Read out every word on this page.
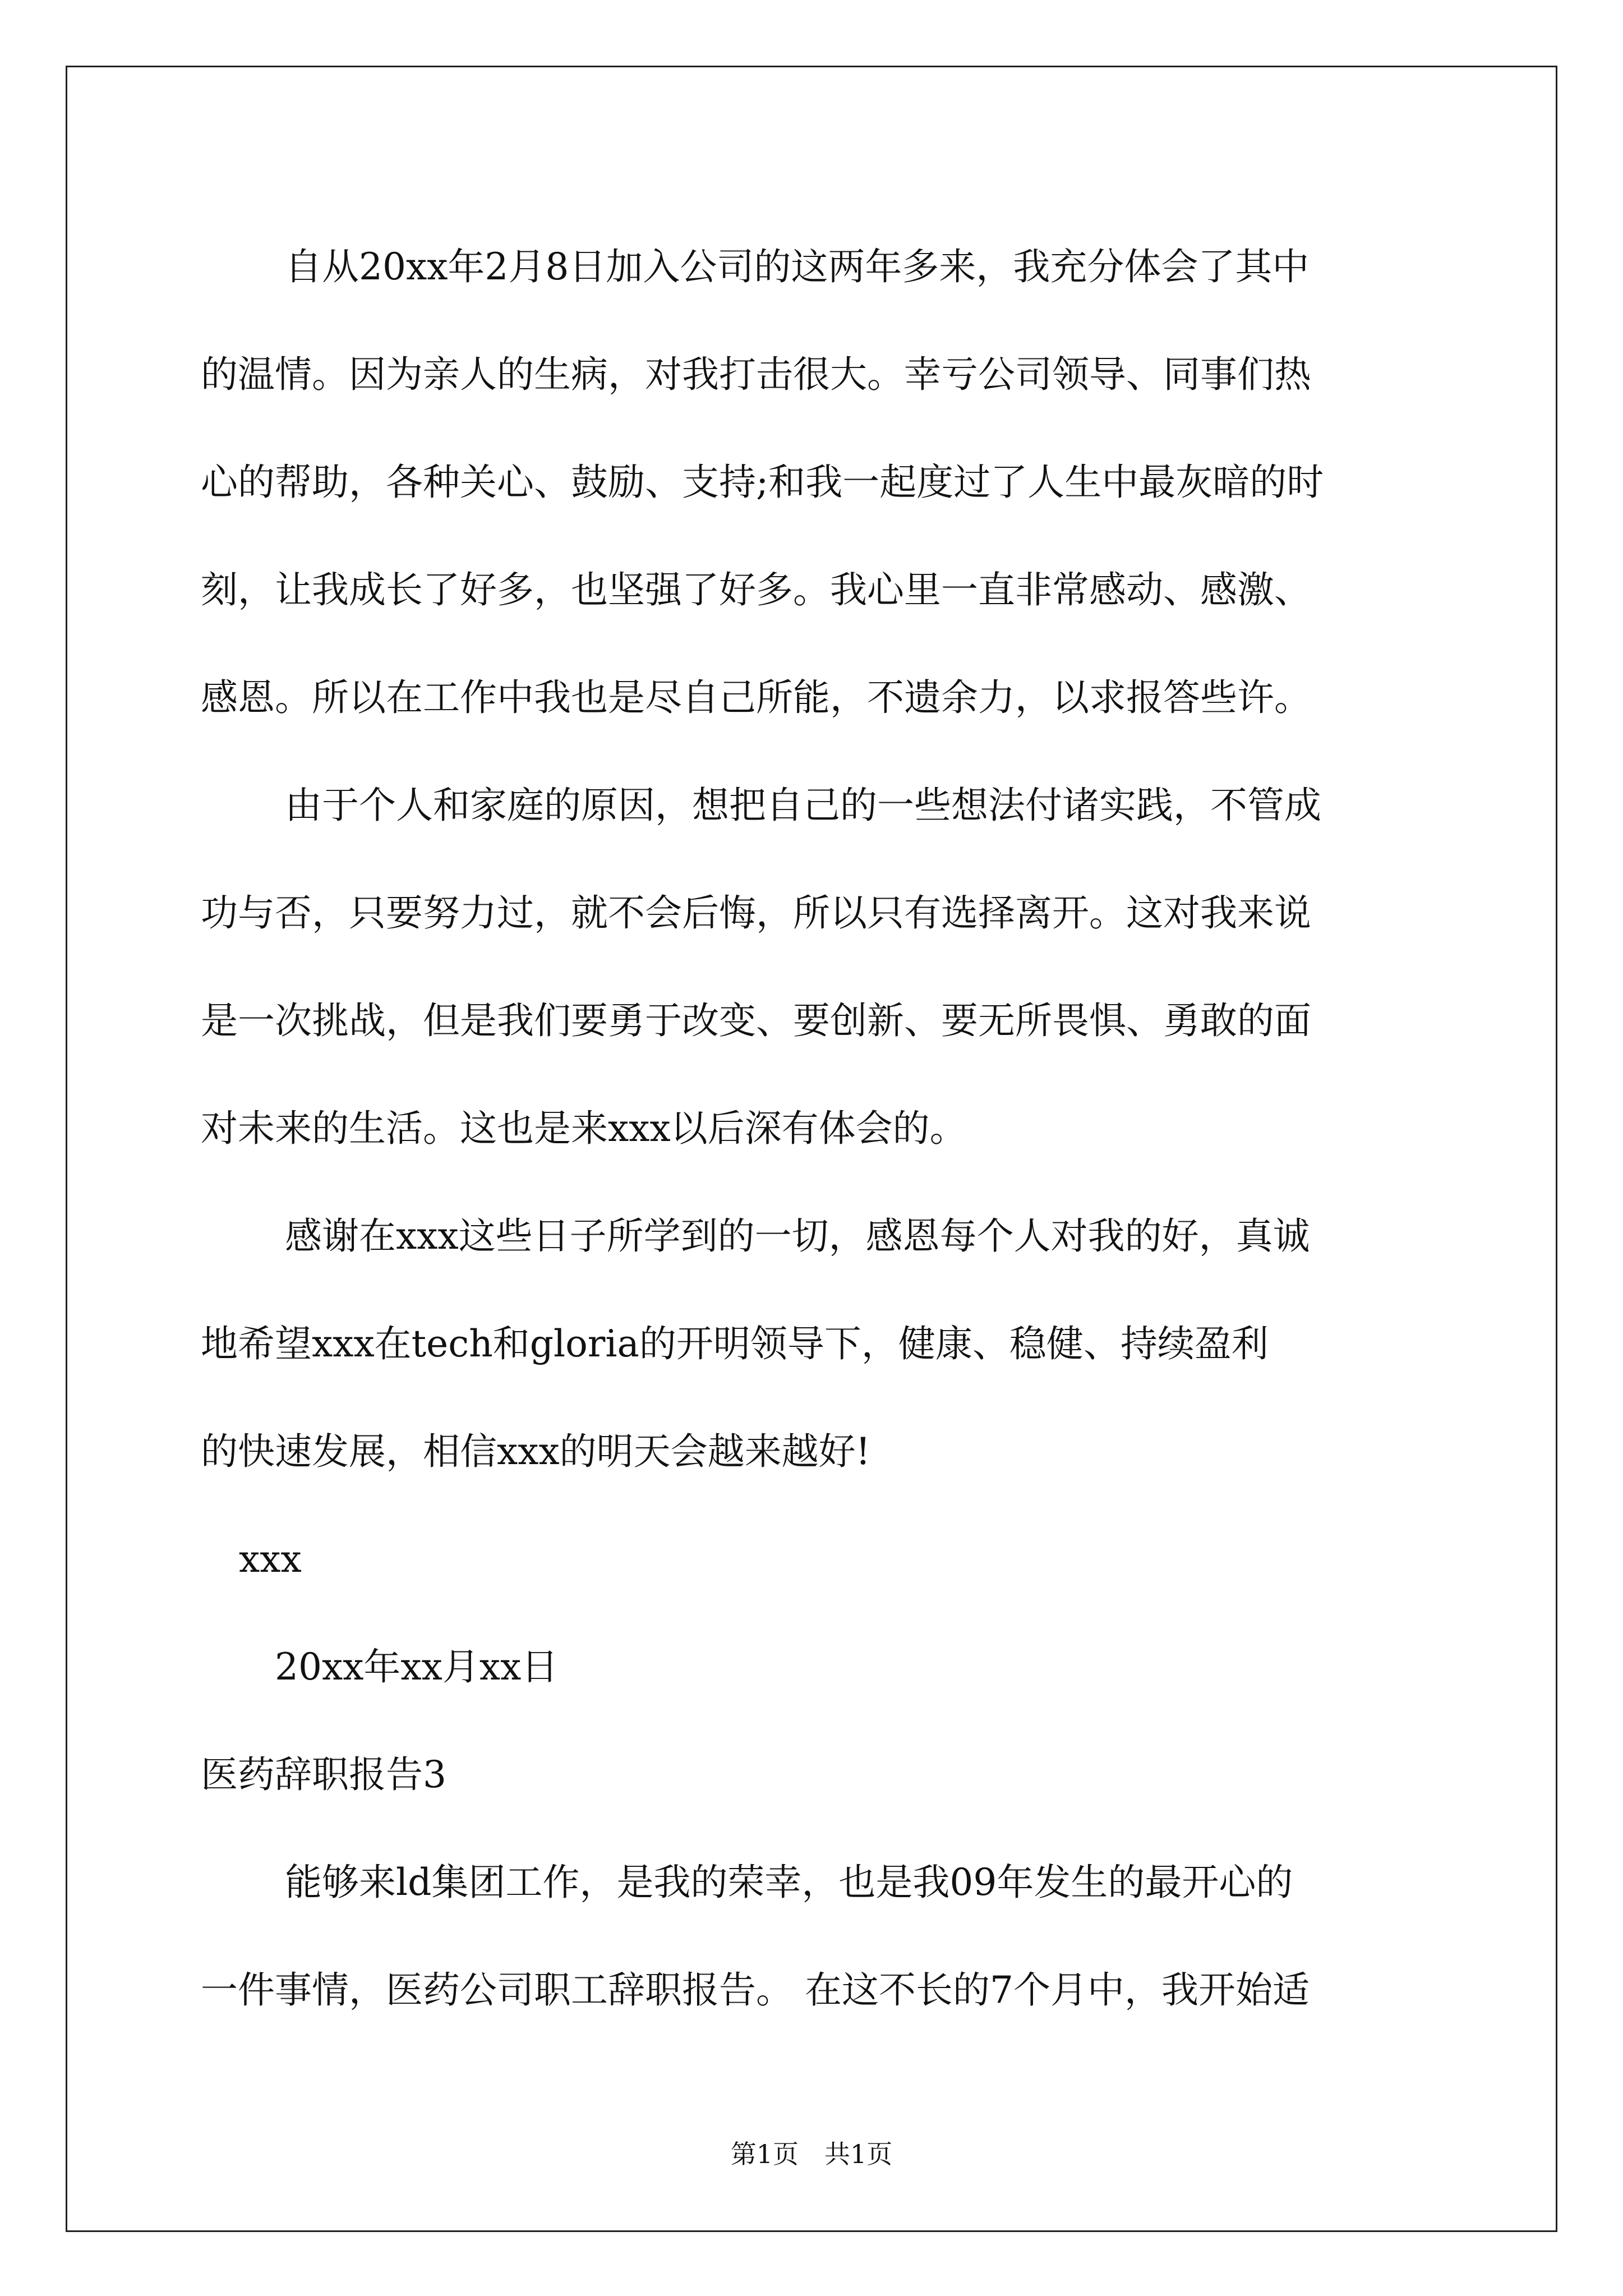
自从20xx年2月8日加入公司的这两年多来，我充分体会了其中
的温情。因为亲人的生病，对我打击很大。幸亏公司领导、同事们热
心的帮助，各种关心、鼓励、支持;和我一起度过了人生中最灰暗的时
刻，让我成长了好多，也坚强了好多。我心里一直非常感动、感激、
感恩。所以在工作中我也是尽自己所能，不遗余力，以求报答些许。
由于个人和家庭的原因，想把自己的一些想法付诸实践，不管成
功与否，只要努力过，就不会后悔，所以只有选择离开。这对我来说
是一次挑战，但是我们要勇于改变、要创新、要无所畏惧、勇敢的面
对未来的生活。这也是来xxx以后深有体会的。
感谢在xxx这些日子所学到的一切，感恩每个人对我的好，真诚
地希望xxx在tech和gloria的开明领导下，健康、稳健、持续盈利
的快速发展，相信xxx的明天会越来越好!
xxx
20xx年xx月xx日
医药辞职报告3
能够来ld集团工作，是我的荣幸，也是我09年发生的最开心的
一件事情，医药公司职工辞职报告。 在这不长的7个月中，我开始适
第1页　共1页
